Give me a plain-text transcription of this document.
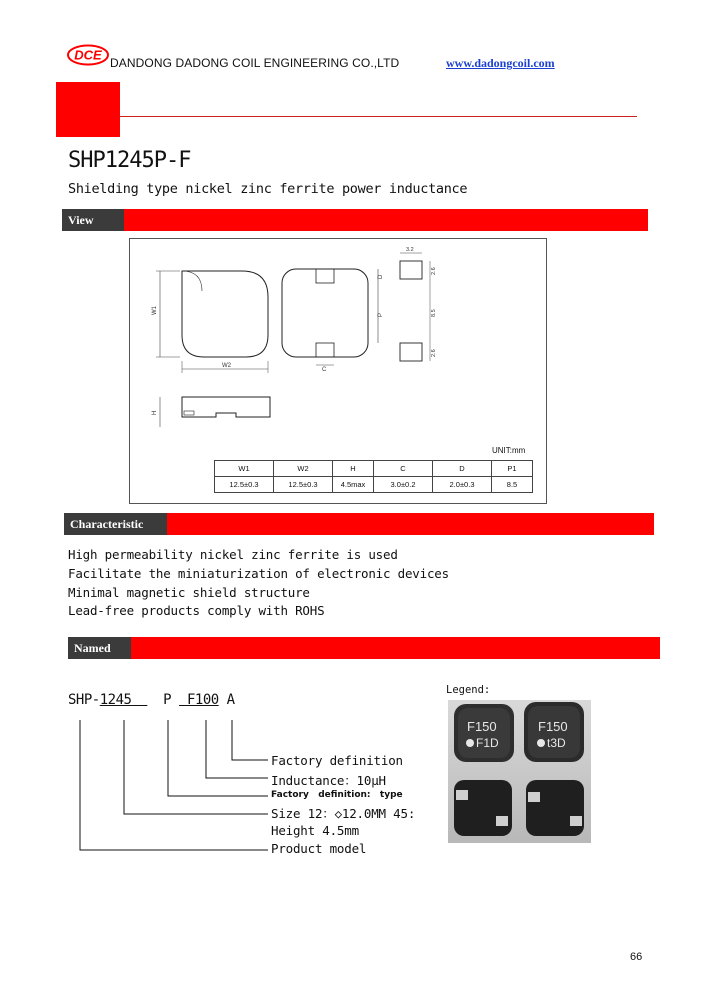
DCE
DANDONG DADONG COIL ENGINEERING CO.,LTD	www.dadongcoil.com
SHP1245P-F
Shielding type nickel zinc ferrite power inductance
View
W1
W2
D
P
C
3.2
2.6
8.5
2.6
H
UNIT:mm
W1	W2	H	C	D	P1
12.5±0.3	12.5±0.3	4.5max	3.0±0.2	2.0±0.3	8.5
Characteristic
High permeability nickel zinc ferrite is used
Facilitate the miniaturization of electronic devices
Minimal magnetic shield structure
Lead-free products comply with ROHS
Named
SHP-1245 P F100 A
Factory definition
Inductance：10μH
Factory   definition:   type
Size 12：◇12.0MM 45:
Height 4.5mm
Product model
Legend:
F150
F1D
F150
t3D
66
